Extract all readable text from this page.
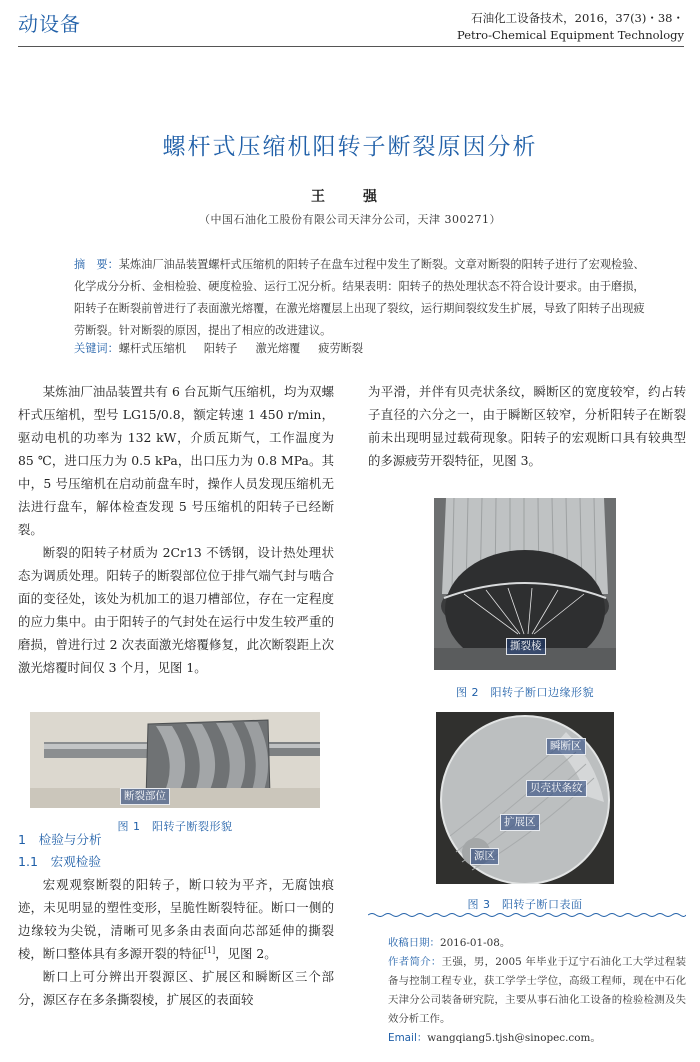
动设备	石油化工设备技术，2016，37(3)・38・
Petro-Chemical Equipment Technology
螺杆式压缩机阳转子断裂原因分析
王　强
（中国石油化工股份有限公司天津分公司，天津 300271）
摘　要：某炼油厂油品装置螺杆式压缩机的阳转子在盘车过程中发生了断裂。文章对断裂的阳转子进行了宏观检验、化学成分分析、金相检验、硬度检验、运行工况分析。结果表明：阳转子的热处理状态不符合设计要求。由于磨损，阳转子在断裂前曾进行了表面激光熔覆，在激光熔覆层上出现了裂纹，运行期间裂纹发生扩展，导致了阳转子出现疲劳断裂。针对断裂的原因，提出了相应的改进建议。
关键词：螺杆式压缩机 阳转子 激光熔覆 疲劳断裂

某炼油厂油品装置共有 6 台瓦斯气压缩机，均为双螺杆式压缩机，型号 LG15/0.8，额定转速 1 450 r/min，驱动电机的功率为 132 kW，介质瓦斯气，工作温度为 85 ℃，进口压力为 0.5 kPa，出口压力为 0.8 MPa。其中，5 号压缩机在启动前盘车时，操作人员发现压缩机无法进行盘车，解体检查发现 5 号压缩机的阳转子已经断裂。

断裂的阳转子材质为 2Cr13 不锈钢，设计热处理状态为调质处理。阳转子的断裂部位位于排气端气封与啮合面的变径处，该处为机加工的退刀槽部位，存在一定程度的应力集中。由于阳转子的气封处在运行中发生较严重的磨损，曾进行过 2 次表面激光熔覆修复，此次断裂距上次激光熔覆时间仅 3 个月，见图 1。

1　检验与分析
1.1　宏观检验

宏观观察断裂的阳转子，断口较为平齐，无腐蚀痕迹，未见明显的塑性变形，呈脆性断裂特征。断口一侧的边缘较为尖锐，清晰可见多条由表面向芯部延伸的撕裂棱，断口整体具有多源开裂的特征[1]，见图 2。

断口上可分辨出开裂源区、扩展区和瞬断区三个部分，源区存在多条撕裂棱，扩展区的表面较

为平滑，并伴有贝壳状条纹，瞬断区的宽度较窄，约占转子直径的六分之一，由于瞬断区较窄，分析阳转子在断裂前未出现明显过载荷现象。阳转子的宏观断口具有较典型的多源疲劳开裂特征，见图 3。

断裂部位
图 1　阳转子断裂形貌
撕裂棱
图 2　阳转子断口边缘形貌
瞬断区
贝壳状条纹
扩展区
源区
图 3　阳转子断口表面
收稿日期：2016-01-08。
作者简介：王强，男，2005 年毕业于辽宁石油化工大学过程装备与控制工程专业，获工学学士学位，高级工程师，现在中石化天津分公司装备研究院，主要从事石油化工设备的检验检测及失效分析工作。
Email：wangqiang5.tjsh@sinopec.com。
